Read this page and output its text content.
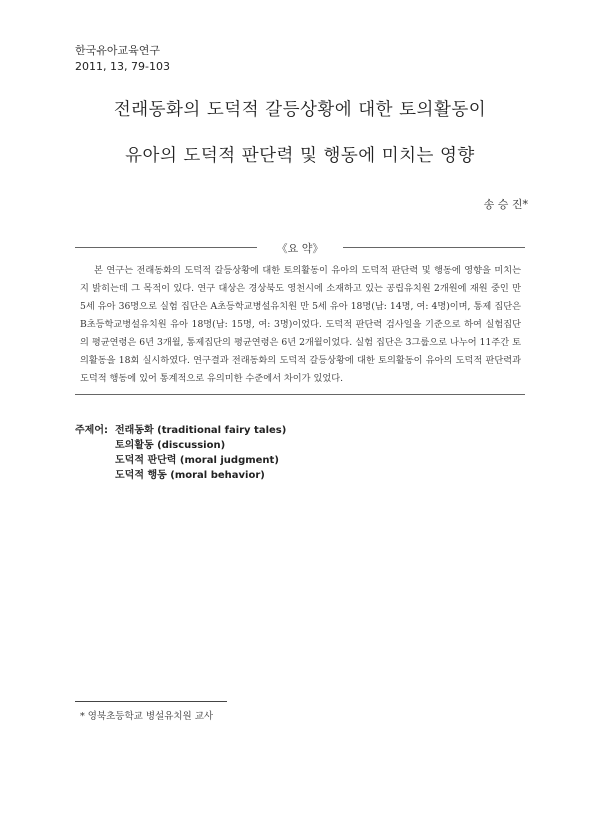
한국유아교육연구
2011, 13, 79-103
전래동화의 도덕적 갈등상황에 대한 토의활동이
유아의 도덕적 판단력 및 행동에 미치는 영향
송 승 진*
《요 약》
본 연구는 전래동화의 도덕적 갈등상황에 대한 토의활동이 유아의 도덕적 판단력 및 행동에 영향을 미치는지 밝히는데 그 목적이 있다. 연구 대상은 경상북도 영천시에 소재하고 있는 공립유치원 2개원에 재원 중인 만 5세 유아 36명으로 실험 집단은 A초등학교병설유치원 만 5세 유아 18명(남: 14명, 여: 4명)이며, 통제 집단은 B초등학교병설유치원 유아 18명(남: 15명, 여: 3명)이었다. 도덕적 판단력 검사일을 기준으로 하여 실험집단의 평균연령은 6년 3개월, 통제집단의 평균연령은 6년 2개월이었다. 실험 집단은 3그룹으로 나누어 11주간 토의활동을 18회 실시하였다. 연구결과 전래동화의 도덕적 갈등상황에 대한 토의활동이 유아의 도덕적 판단력과 도덕적 행동에 있어 통계적으로 유의미한 수준에서 차이가 있었다.
주제어: 전래동화 (traditional fairy tales)
토의활동 (discussion)
도덕적 판단력 (moral judgment)
도덕적 행동 (moral behavior)
* 영북초등학교 병설유치원 교사
